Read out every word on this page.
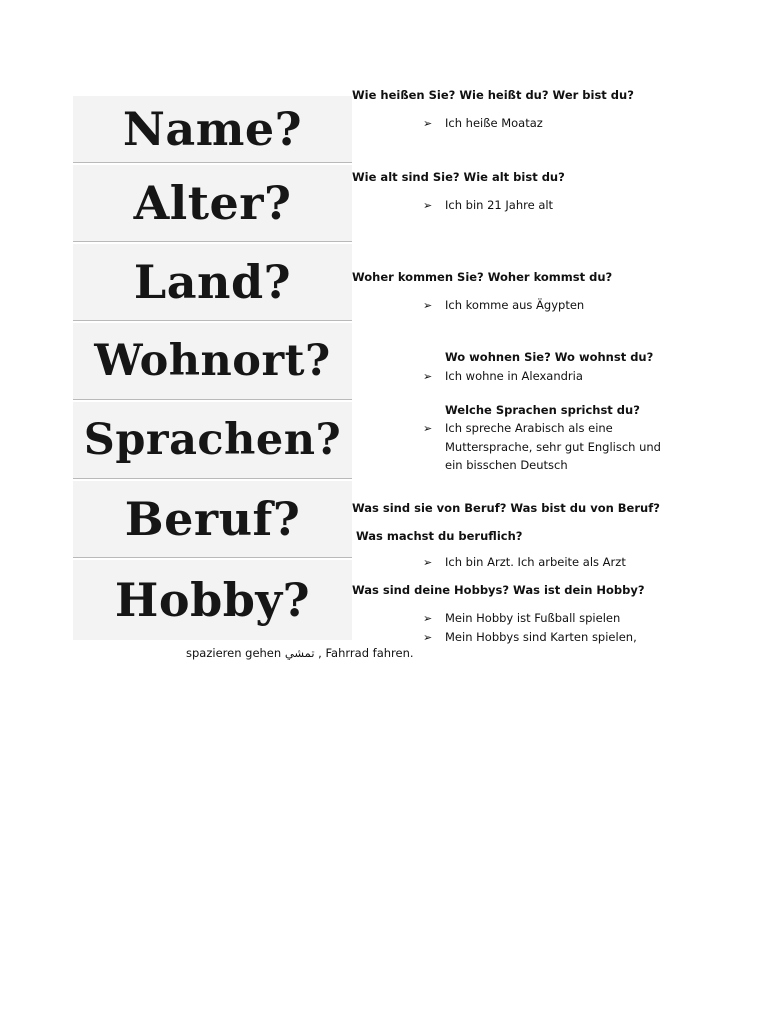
Name?
Alter?
Land?
Wohnort?
Sprachen?
Beruf?
Hobby?
Wie heißen Sie? Wie heißt du? Wer bist du?
➢ Ich heiße Moataz
Wie alt sind Sie? Wie alt bist du?
➢ Ich bin 21 Jahre alt
Woher kommen Sie? Woher kommst du?
➢ Ich komme aus Ägypten
Wo wohnen Sie? Wo wohnst du?
➢ Ich wohne in Alexandria
Welche Sprachen sprichst du?
➢ Ich spreche Arabisch als eine
Muttersprache, sehr gut Englisch und
ein bisschen Deutsch
Was sind sie von Beruf? Was bist du von Beruf?
Was machst du beruflich?
➢ Ich bin Arzt. Ich arbeite als Arzt
Was sind deine Hobbys? Was ist dein Hobby?
➢ Mein Hobby ist Fußball spielen
➢ Mein Hobbys sind Karten spielen,
spazieren gehen تمشي , Fahrrad fahren.
